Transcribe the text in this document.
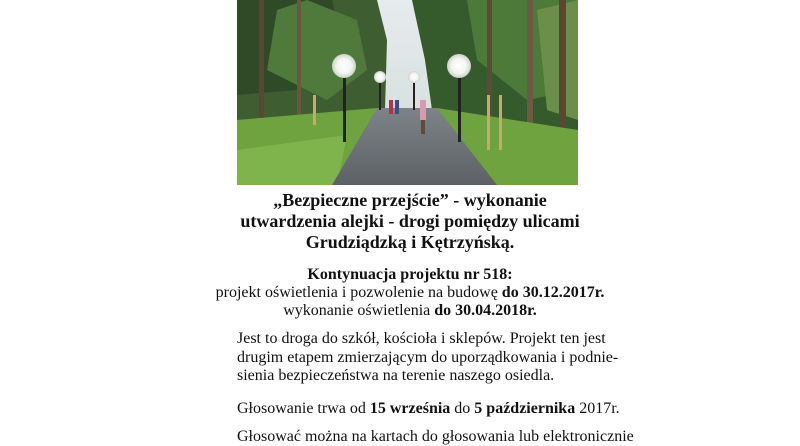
„Bezpieczne przejście” - wykonanie
utwardzenia alejki - drogi pomiędzy ulicami
Grudziądzką i Kętrzyńską.
Kontynuacja projektu nr 518:
projekt oświetlenia i pozwolenie na budowę do 30.12.2017r.
wykonanie oświetlenia do 30.04.2018r.
Jest to droga do szkół, kościoła i sklepów. Projekt ten jest
drugim etapem zmierzającym do uporządkowania i podnie-
sienia bezpieczeństwa na terenie naszego osiedla.
Głosowanie trwa od 15 września do 5 października 2017r.
Głosować można na kartach do głosowania lub elektronicznie
